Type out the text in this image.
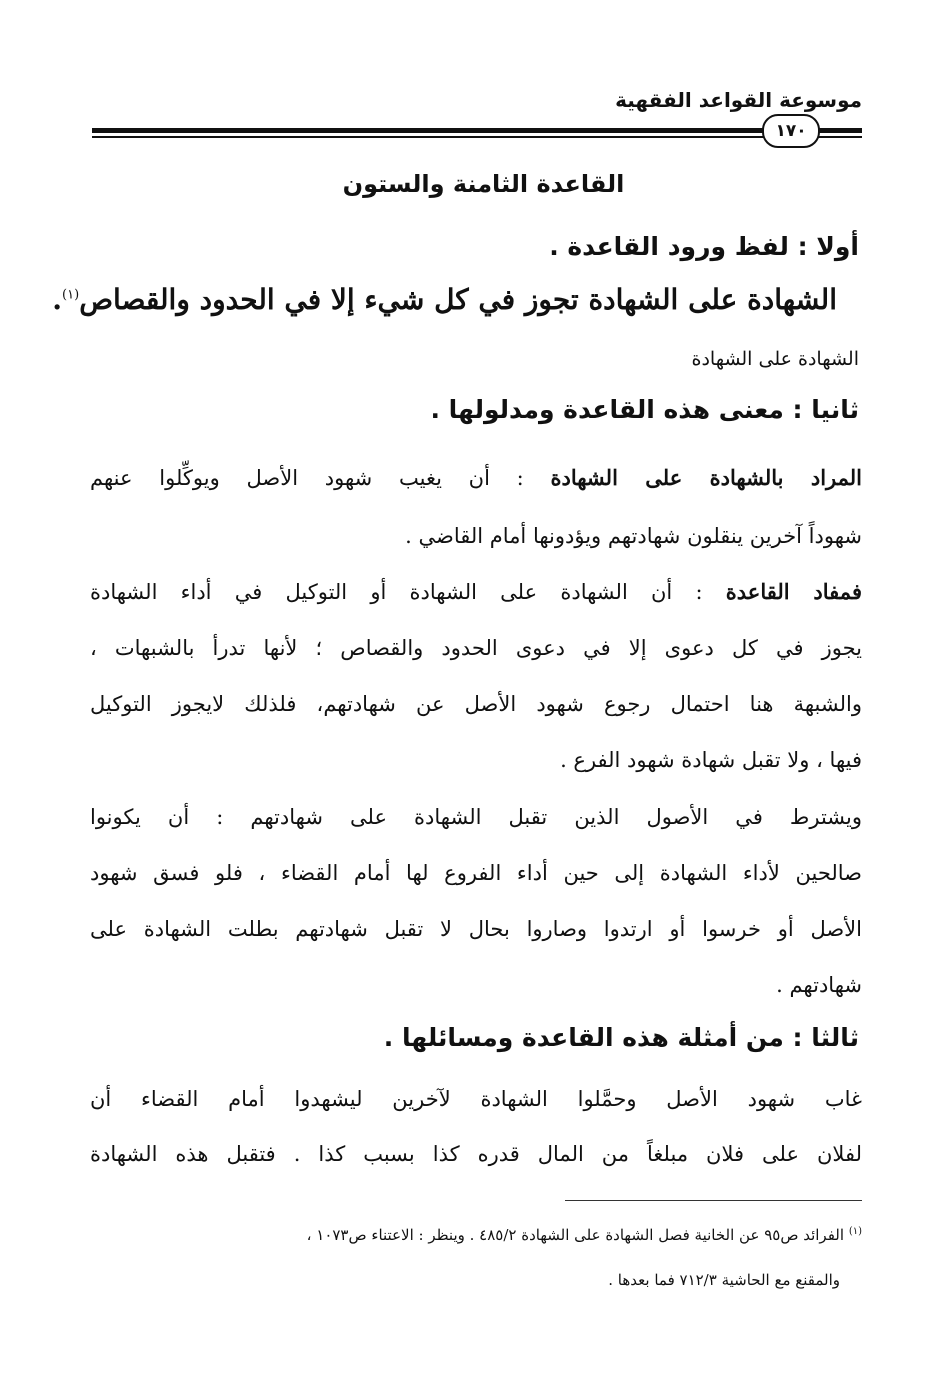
موسوعة القواعد الفقهية
١٧٠
القاعدة الثامنة والستون
أولا : لفظ ورود القاعدة .
الشهادة على الشهادة تجوز في كل شيء إلا في الحدود والقصاص$^{(١)}$.
الشهادة على الشهادة
ثانيا : معنى هذه القاعدة ومدلولها .
المراد بالشهادة على الشهادة : أن يغيب شهود الأصل ويوكِّلوا عنهم
شهوداً آخرين ينقلون شهادتهم ويؤدونها أمام القاضي .
فمفاد القاعدة : أن الشهادة على الشهادة أو التوكيل في أداء الشهادة
يجوز في كل دعوى إلا في دعوى الحدود والقصاص ؛ لأنها تدرأ بالشبهات ،
والشبهة هنا احتمال رجوع شهود الأصل عن شهادتهم، فلذلك لايجوز التوكيل
فيها ، ولا تقبل شهادة شهود الفرع .
ويشترط في الأصول الذين تقبل الشهادة على شهادتهم : أن يكونوا
صالحين لأداء الشهادة إلى حين أداء الفروع لها أمام القضاء ، فلو فسق شهود
الأصل أو خرسوا أو ارتدوا وصاروا بحال لا تقبل شهادتهم بطلت الشهادة على
شهادتهم .
ثالثا : من أمثلة هذه القاعدة ومسائلها .
غاب شهود الأصل وحمَّلوا الشهادة لآخرين ليشهدوا أمام القضاء أن
لفلان على فلان مبلغاً من المال قدره كذا بسبب كذا . فتقبل هذه الشهادة
$^{(١)}$ الفرائد ص٩٥ عن الخانية فصل الشهادة على الشهادة ٤٨٥/٢ . وينظر : الاعتناء ص١٠٧٣ ،
والمقنع مع الحاشية ٧١٢/٣ فما بعدها .
